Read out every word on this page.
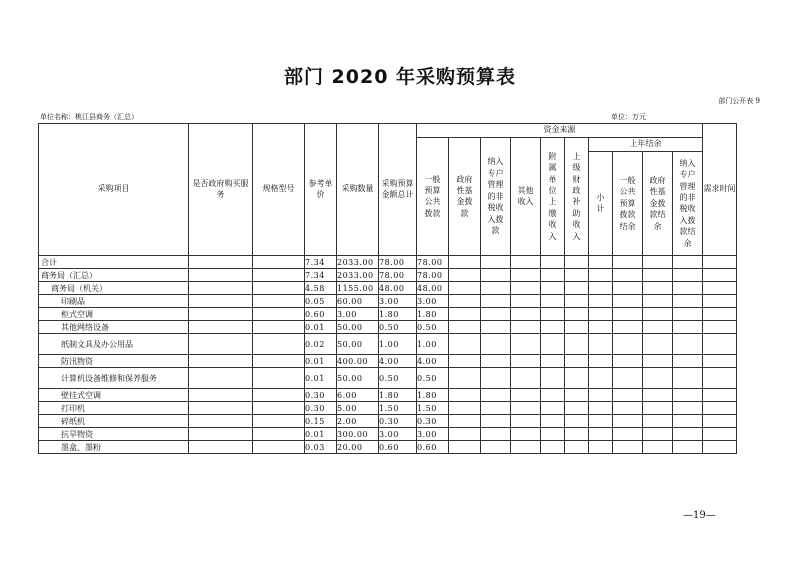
部门 2020 年采购预算表
部门公开表 9
单位名称：桃江县商务（汇总）	单位：万元
采购项目	是否政府购买服务	规格型号	参考单价	采购数量	采购预算金额总计	资金来源										需求时间
						一般预算公共拨款	政府性基金拨款	纳入专户管理的非税收入拨款	其他收入	附属单位上缴收入	上级财政补助收入	上年结余				
												小计	一般公共预算拨款结余	政府性基金拨款结余	纳入专户管理的非税收入拨款结余	
合计			7.34	2033.00	78.00	78.00										
商务局（汇总）			7.34	2033.00	78.00	78.00										
商务局（机关）			4.58	1155.00	48.00	48.00										
印刷品			0.05	60.00	3.00	3.00										
柜式空调			0.60	3.00	1.80	1.80										
其他网络设备			0.01	50.00	0.50	0.50										
纸制文具及办公用品			0.02	50.00	1.00	1.00										
防汛物资			0.01	400.00	4.00	4.00										
计算机设备维修和保养服务			0.01	50.00	0.50	0.50										
壁挂式空调			0.30	6.00	1.80	1.80										
打印机			0.30	5.00	1.50	1.50										
碎纸机			0.15	2.00	0.30	0.30										
抗旱物资			0.01	300.00	3.00	3.00										
墨盒、墨粉			0.03	20.00	0.60	0.60										
—19—
